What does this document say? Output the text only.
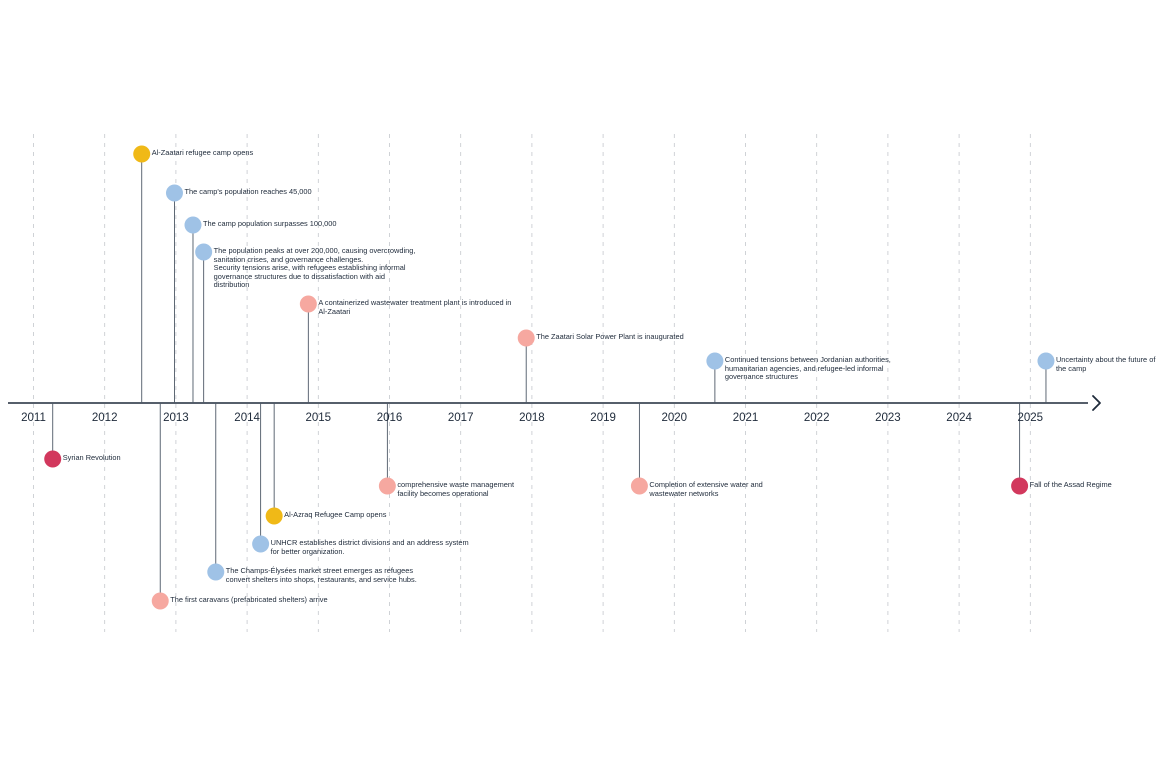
2011	2012	2013	2014	2015	2016	2017	2018	2019	2020	2021	2022	2023	2024	2025
Al-Zaatari refugee camp opens
The camp's population reaches 45,000
The camp population surpasses 100,000
The population peaks at over 200,000, causing overcrowding,
sanitation crises, and governance challenges.
Security tensions arise, with refugees establishing informal
governance structures due to dissatisfaction with aid
distribution
A containerized wastewater treatment plant is introduced in
Al-Zaatari
The Zaatari Solar Power Plant is inaugurated
Continued tensions between Jordanian authorities,
humanitarian agencies, and refugee-led informal
governance structures
Uncertainty about the future of
the camp
Syrian Revolution
The first caravans (prefabricated shelters) arrive
The Champs-Élysées market street emerges as refugees
convert shelters into shops, restaurants, and service hubs.
UNHCR establishes district divisions and an address system
for better organization.
Al-Azraq Refugee Camp opens
comprehensive waste management
facility becomes operational
Completion of extensive water and
wastewater networks
Fall of the Assad Regime
